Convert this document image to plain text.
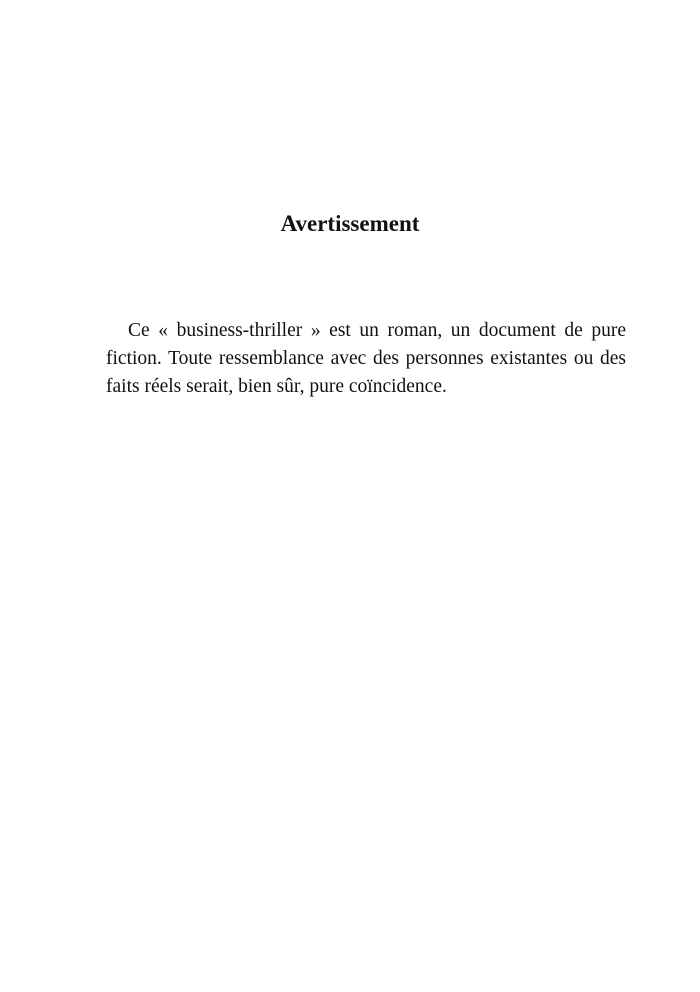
Avertissement

Ce « business-thriller » est un roman, un document de pure fiction. Toute ressemblance avec des personnes existantes ou des faits réels serait, bien sûr, pure coïncidence.
